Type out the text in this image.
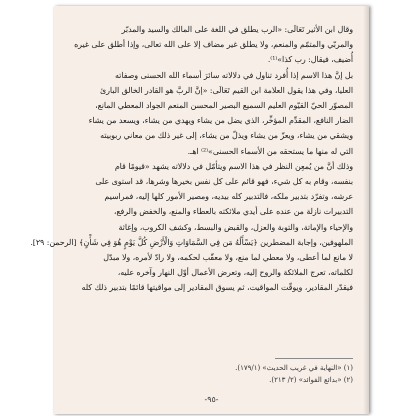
وقال ابن الأثير تَعَالَى: «الرب يطلق في اللغة على المالك والسيد والمدبّر
والمربّي والمتمّم والمنعم، ولا يطلق غير مضاف إلا على الله تعالى، وإذا أطلق على غيره
أُضيف، فيقال: رب كذا»⁽¹⁾.
بل إنَّ هذا الاسم إذا أُفرد تناول في دلالاته سائرَ أسماء الله الحسنى وصفاته
العليا، وفي هذا يقول العلامة ابن القيم تَعَالَى: «إنَّ الربَّ هو القادر الخالق البارئ
المصوّر الحيّ القيّوم العليم السميع البصير المحسن المنعم الجواد المعطي المانع،
الضار النافع، المقدِّم المؤخِّر، الذي يضل من يشاء ويهدي من يشاء، ويسعد من يشاء
ويشقي من يشاء، ويعزّ من يشاء ويذلّ من يشاء، إلى غير ذلك من معاني ربوبيته
التي له منها ما يستحقه من الأسماء الحسنى»⁽²⁾ اهـ.
وذلك أنَّ من يُمعِن النظر في هذا الاسم ويتأمّل في دلالاته يشهد «قيومًا قام
بنفسه، وقام به كل شيء، فهو قائم على كل نفس بخيرها وشرها، قد استوى على
عرشه، وتفرّد بتدبير ملكه، فالتدبير كله بيديه، ومصير الأمور كلها إليه، فمراسيم
التدبيرات نازلة من عنده على أيدي ملائكته بالعطاء والمنع، والخفض والرفع،
والإحياء والإماتة، والتوبة والعزل، والقبض والبسط، وكشف الكروب، وإغاثة
الملهوفين، وإجابة المضطرين ﴿يَسْأَلُهُ مَن فِي السَّمَاوَاتِ وَالْأَرْضِ كُلَّ يَوْمٍ هُوَ فِي شَأْنٍ﴾ [الرحمن: ٢٩].
لا مانع لما أعطى، ولا معطي لما منع، ولا معقّب لحكمه، ولا رادّ لأمره، ولا مبدّل
لكلماته، تعرج الملائكة والروح إليه، وتعرض الأعمال أوّل النهار وآخره عليه،
فيقدّر المقادير، ويوقّت المواقيت، ثم يسوق المقادير إلى مواقيتها قائمًا بتدبير ذلك كله
(١) «النهاية في غريب الحديث» (١٧٩/١).
(٢) «بدائع الفوائد» (٢/ ٢١٣).
-٩٥-
